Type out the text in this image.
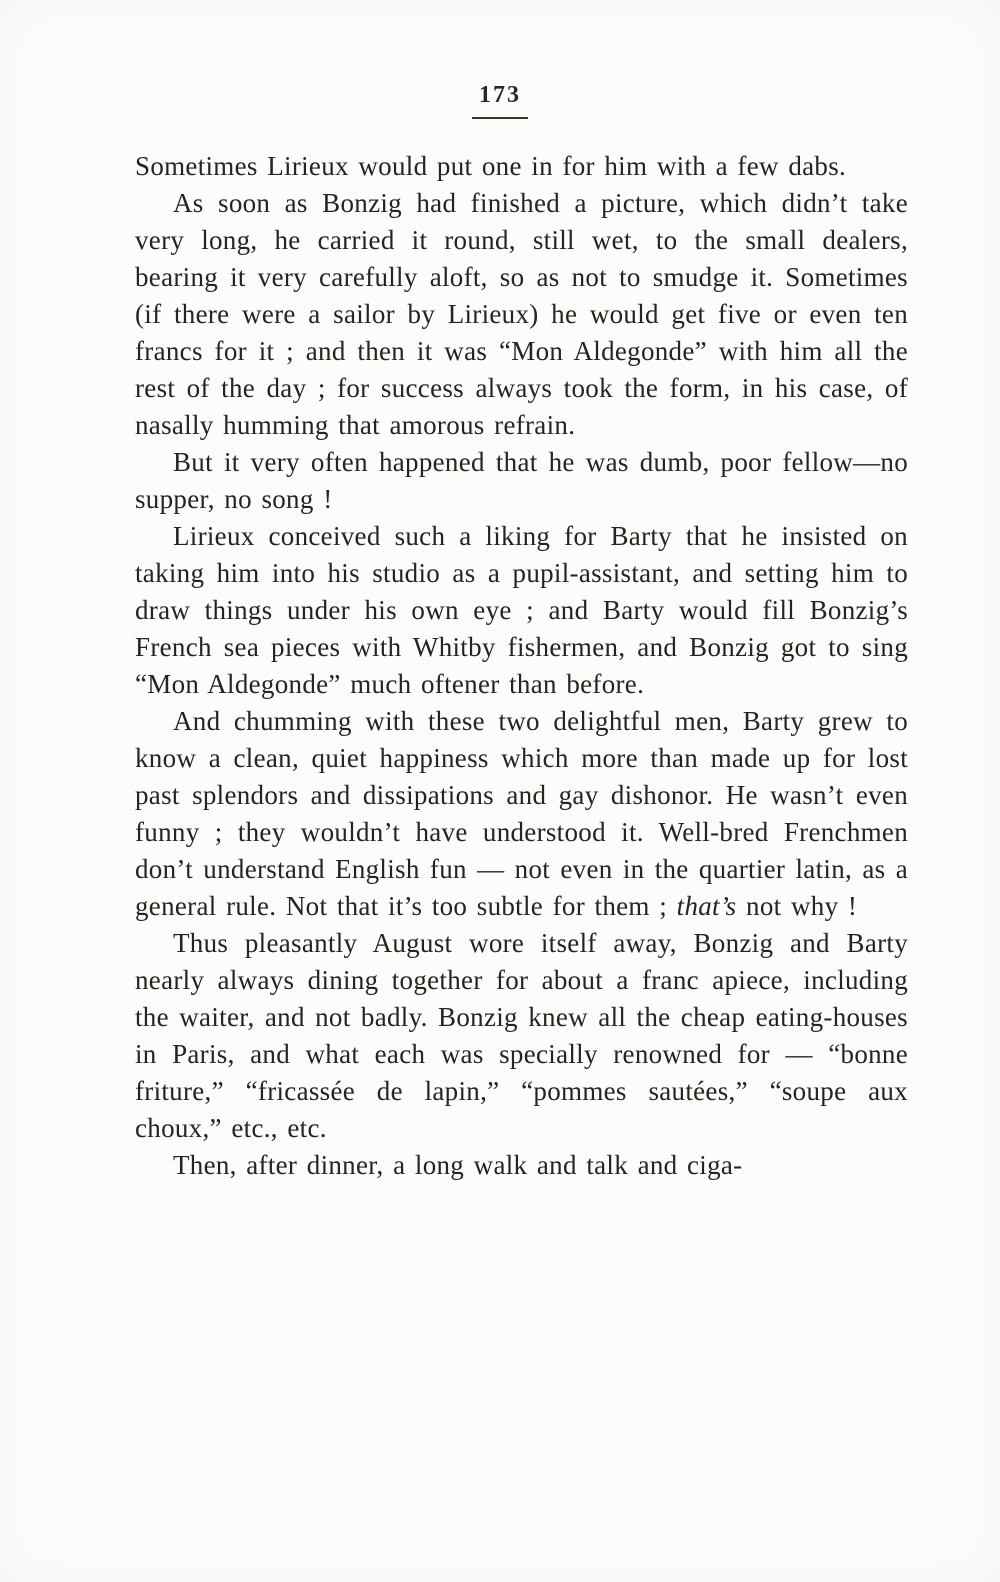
173

Sometimes Lirieux would put one in for him with a few dabs.

As soon as Bonzig had finished a picture, which didn’t take very long, he carried it round, still wet, to the small dealers, bearing it very carefully aloft, so as not to smudge it. Sometimes (if there were a sailor by Lirieux) he would get five or even ten francs for it ; and then it was “Mon Aldegonde” with him all the rest of the day ; for success always took the form, in his case, of nasally humming that amorous refrain.

But it very often happened that he was dumb, poor fellow—no supper, no song !

Lirieux conceived such a liking for Barty that he insisted on taking him into his studio as a pupil-assistant, and setting him to draw things under his own eye ; and Barty would fill Bonzig’s French sea pieces with Whitby fishermen, and Bonzig got to sing “Mon Aldegonde” much oftener than before.

And chumming with these two delightful men, Barty grew to know a clean, quiet happiness which more than made up for lost past splendors and dissipations and gay dishonor. He wasn’t even funny ; they wouldn’t have understood it. Well-bred Frenchmen don’t understand English fun — not even in the quartier latin, as a general rule. Not that it’s too subtle for them ; that’s not why !

Thus pleasantly August wore itself away, Bonzig and Barty nearly always dining together for about a franc apiece, including the waiter, and not badly. Bonzig knew all the cheap eating-houses in Paris, and what each was specially renowned for — “bonne friture,” “fricassée de lapin,” “pommes sautées,” “soupe aux choux,” etc., etc.

Then, after dinner, a long walk and talk and ciga-
